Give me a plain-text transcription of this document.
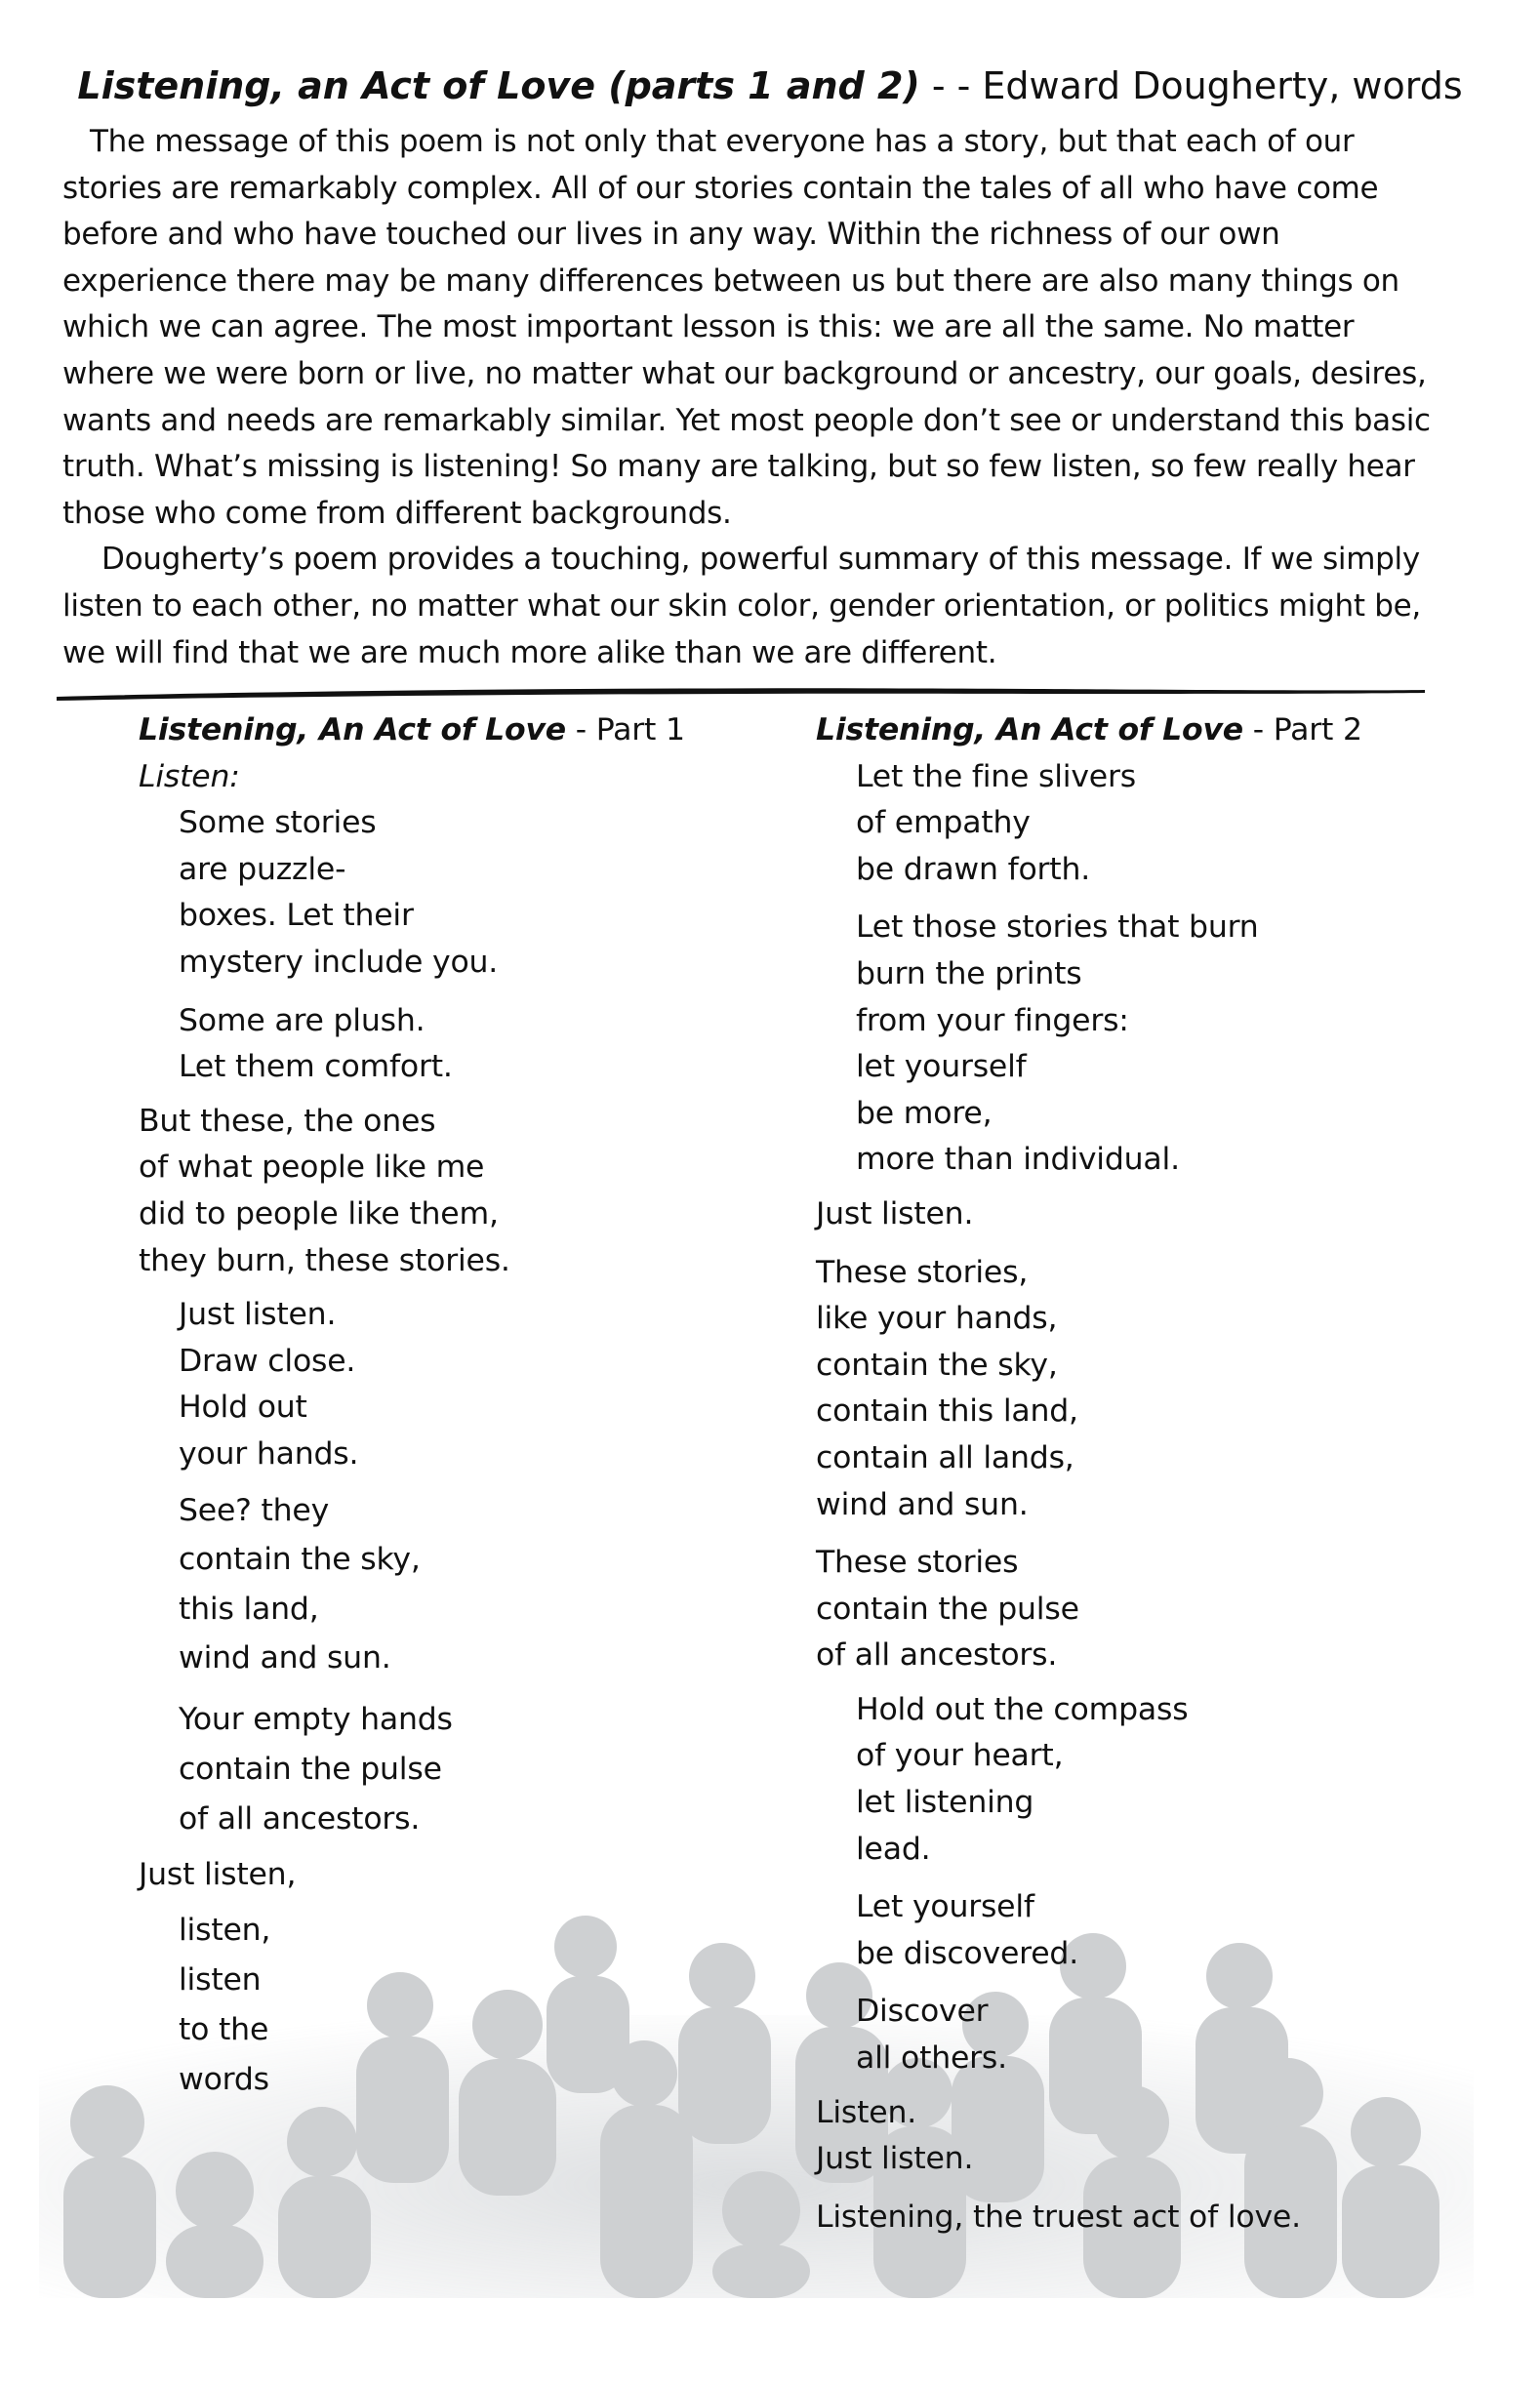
Listening, an Act of Love (parts 1 and 2) - - Edward Dougherty, words

The message of this poem is not only that everyone has a story, but that each of our
stories are remarkably complex. All of our stories contain the tales of all who have come
before and who have touched our lives in any way. Within the richness of our own
experience there may be many differences between us but there are also many things on
which we can agree. The most important lesson is this: we are all the same. No matter
where we were born or live, no matter what our background or ancestry, our goals, desires,
wants and needs are remarkably similar. Yet most people don’t see or understand this basic
truth. What’s missing is listening! So many are talking, but so few listen, so few really hear
those who come from different backgrounds.

Dougherty’s poem provides a touching, powerful summary of this message. If we simply
listen to each other, no matter what our skin color, gender orientation, or politics might be,
we will find that we are much more alike than we are different.

Listening, An Act of Love - Part 1
Listen:
Some stories
are puzzle-
boxes. Let their
mystery include you.
Some are plush.
Let them comfort.
But these, the ones
of what people like me
did to people like them,
they burn, these stories.
Just listen.
Draw close.
Hold out
your hands.
See? they
contain the sky,
this land,
wind and sun.
Your empty hands
contain the pulse
of all ancestors.
Just listen,
listen,
listen
to the
words
Listening, An Act of Love - Part 2
Let the fine slivers
of empathy
be drawn forth.
Let those stories that burn
burn the prints
from your fingers:
let yourself
be more,
more than individual.
Just listen.
These stories,
like your hands,
contain the sky,
contain this land,
contain all lands,
wind and sun.
These stories
contain the pulse
of all ancestors.
Hold out the compass
of your heart,
let listening
lead.
Let yourself
be discovered.
Discover
all others.
Listen.
Just listen.
Listening, the truest act of love.
